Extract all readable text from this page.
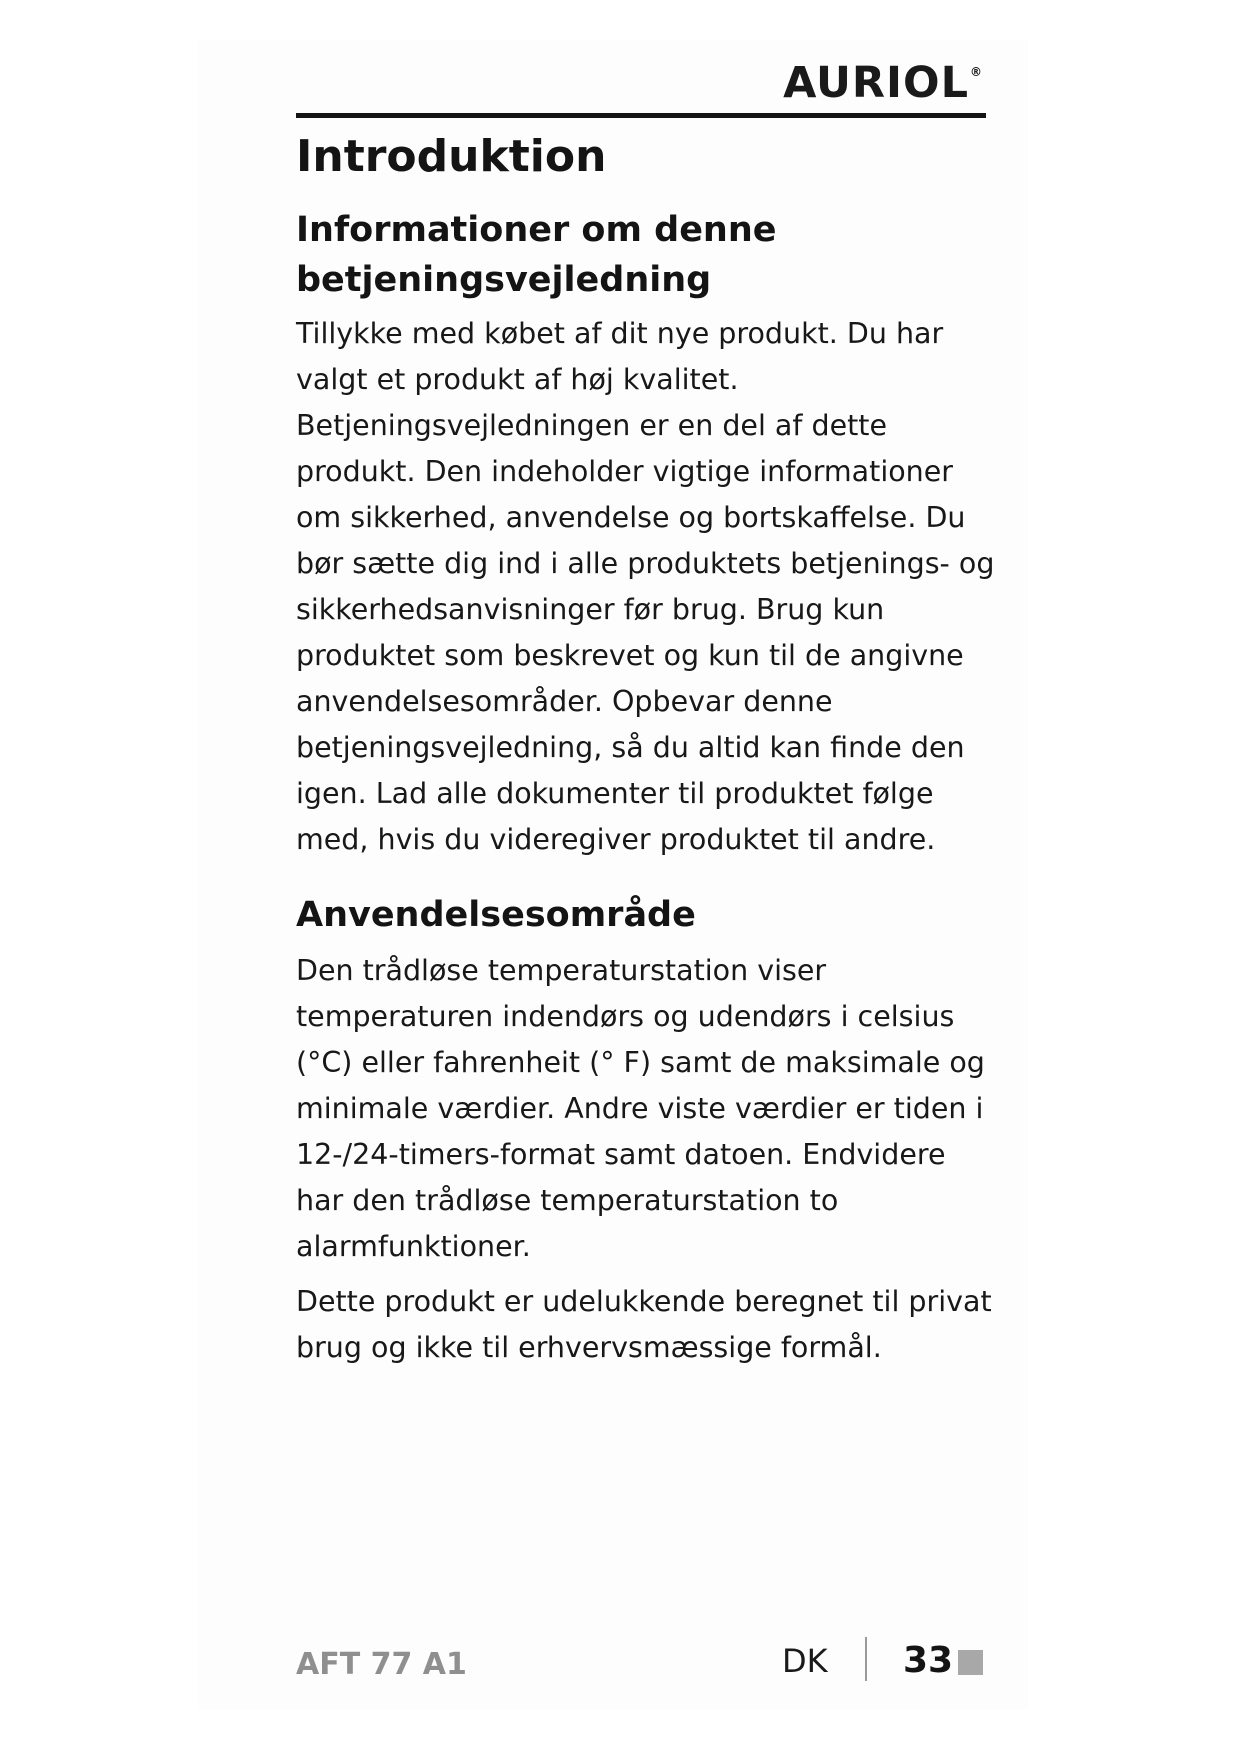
AURIOL®
Introduktion
Informationer om denne betjeningsvejledning

Tillykke med købet af dit nye produkt. Du har valgt et produkt af høj kvalitet. Betjeningsvejledningen er en del af dette produkt. Den indeholder vigtige informationer om sikkerhed, anvendelse og bortskaffelse. Du bør sætte dig ind i alle produktets betjenings- og sikkerhedsanvisninger før brug. Brug kun produktet som beskrevet og kun til de angivne anvendelsesområder. Opbevar denne betjeningsvejledning, så du altid kan finde den igen. Lad alle dokumenter til produktet følge med, hvis du videregiver produktet til andre.

Anvendelsesområde

Den trådløse temperaturstation viser temperaturen indendørs og udendørs i celsius (°C) eller fahrenheit (° F) samt de maksimale og minimale værdier. Andre viste værdier er tiden i 12-/24-timers-format samt datoen. Endvidere har den trådløse temperaturstation to alarmfunktioner.

Dette produkt er udelukkende beregnet til privat brug og ikke til erhvervsmæssige formål.

AFT 77 A1	DK 33
